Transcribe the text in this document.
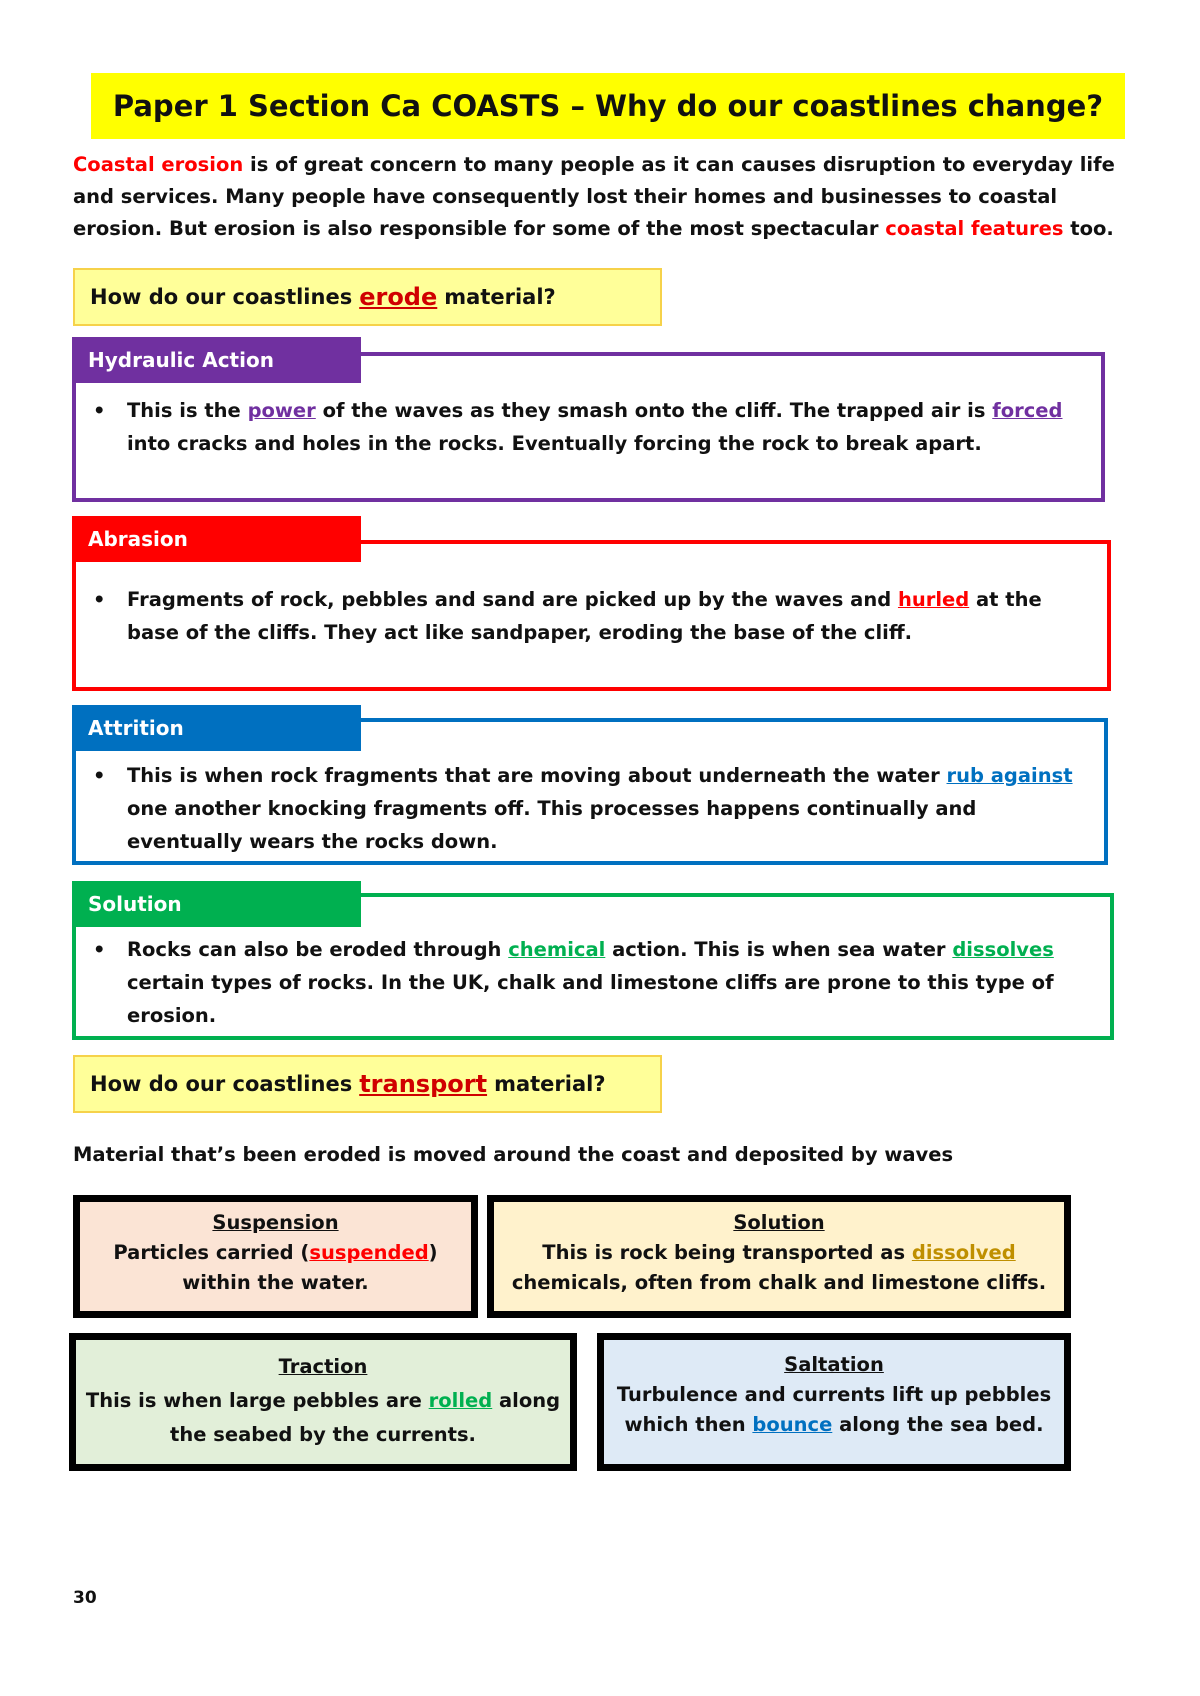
Paper 1 Section Ca COASTS – Why do our coastlines change?
Coastal erosion is of great concern to many people as it can causes disruption to everyday life and services. Many people have consequently lost their homes and businesses to coastal erosion. But erosion is also responsible for some of the most spectacular coastal features too.
How do our coastlines erode material?
Hydraulic Action
•	This is the power of the waves as they smash onto the cliff. The trapped air is forced into cracks and holes in the rocks. Eventually forcing the rock to break apart.
Abrasion
•	Fragments of rock, pebbles and sand are picked up by the waves and hurled at the base of the cliffs. They act like sandpaper, eroding the base of the cliff.
Attrition
•	This is when rock fragments that are moving about underneath the water rub against one another knocking fragments off. This processes happens continually and eventually wears the rocks down.
Solution
•	Rocks can also be eroded through chemical action. This is when sea water dissolves certain types of rocks. In the UK, chalk and limestone cliffs are prone to this type of erosion.
How do our coastlines transport material?
Material that’s been eroded is moved around the coast and deposited by waves
Suspension
Particles carried (suspended) within the water.
Solution
This is rock being transported as dissolved chemicals, often from chalk and limestone cliffs.
Traction
This is when large pebbles are rolled along the seabed by the currents.
Saltation
Turbulence and currents lift up pebbles which then bounce along the sea bed.
30
